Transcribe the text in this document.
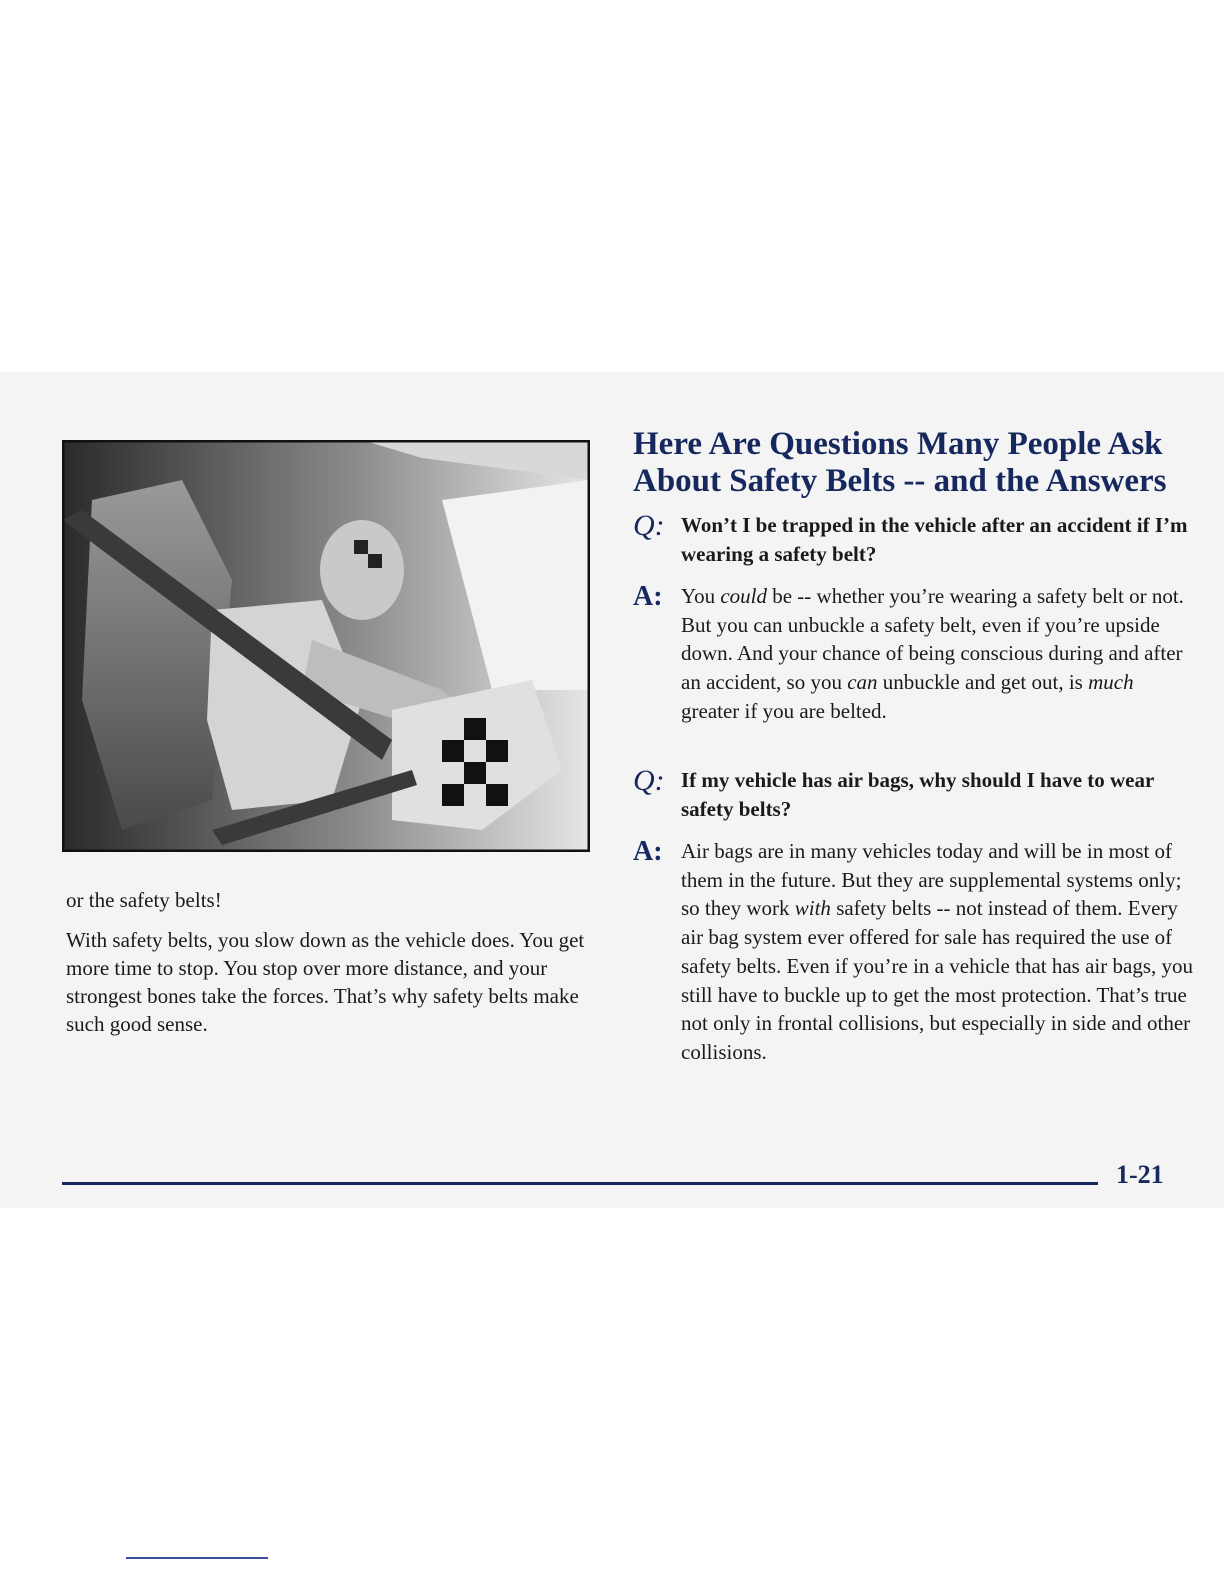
or the safety belts!

With safety belts, you slow down as the vehicle does. You get more time to stop. You stop over more distance, and your strongest bones take the forces. That’s why safety belts make such good sense.

Here Are Questions Many People Ask About Safety Belts -- and the Answers
Q: Won’t I be trapped in the vehicle after an accident if I’m wearing a safety belt?
A: You could be -- whether you’re wearing a safety belt or not. But you can unbuckle a safety belt, even if you’re upside down. And your chance of being conscious during and after an accident, so you can unbuckle and get out, is much greater if you are belted.
Q: If my vehicle has air bags, why should I have to wear safety belts?
A: Air bags are in many vehicles today and will be in most of them in the future. But they are supplemental systems only; so they work with safety belts -- not instead of them. Every air bag system ever offered for sale has required the use of safety belts. Even if you’re in a vehicle that has air bags, you still have to buckle up to get the most protection. That’s true not only in frontal collisions, but especially in side and other collisions.
1-21
